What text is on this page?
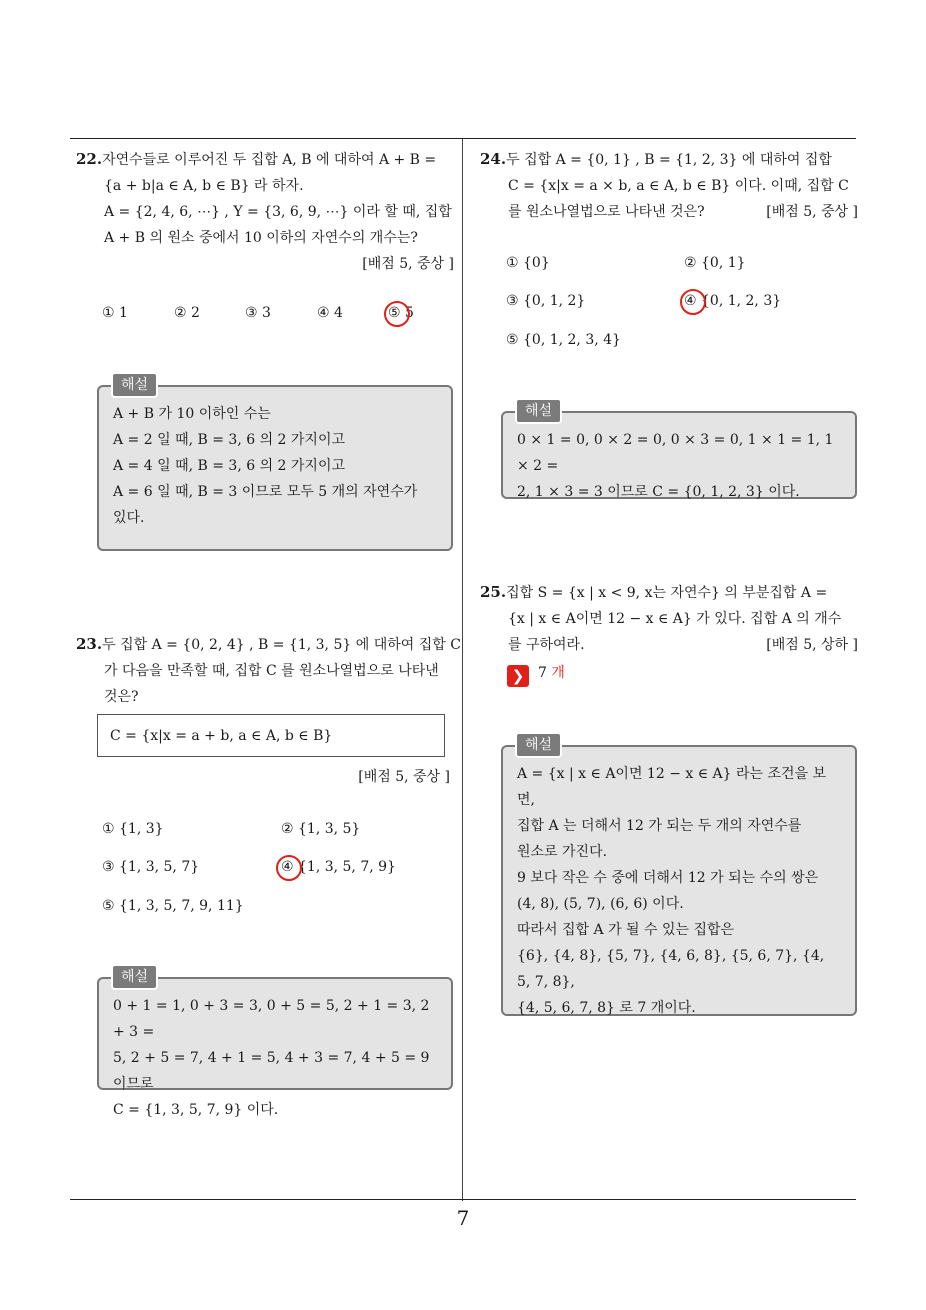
22.자연수들로 이루어진 두 집합 A, B 에 대하여 A + B =
{a + b|a ∈ A, b ∈ B} 라 하자.
A = {2, 4, 6, ⋯} , Y = {3, 6, 9, ⋯} 이라 할 때, 집합
A + B 의 원소 중에서 10 이하의 자연수의 개수는?
[배점 5, 중상 ]
① 1	② 2	③ 3	④ 4	⑤ 5
해설
A + B 가 10 이하인 수는
A = 2 일 때, B = 3, 6 의 2 가지이고
A = 4 일 때, B = 3, 6 의 2 가지이고
A = 6 일 때, B = 3 이므로 모두 5 개의 자연수가
있다.
23.두 집합 A = {0, 2, 4} , B = {1, 3, 5} 에 대하여 집합 C
가 다음을 만족할 때, 집합 C 를 원소나열법으로 나타낸
것은?
C = {x|x = a + b, a ∈ A, b ∈ B}
[배점 5, 중상 ]
① {1, 3}	② {1, 3, 5}
③ {1, 3, 5, 7}	④ {1, 3, 5, 7, 9}
⑤ {1, 3, 5, 7, 9, 11}
해설
0 + 1 = 1, 0 + 3 = 3, 0 + 5 = 5, 2 + 1 = 3, 2 + 3 =
5, 2 + 5 = 7, 4 + 1 = 5, 4 + 3 = 7, 4 + 5 = 9 이므로
C = {1, 3, 5, 7, 9} 이다.
24.두 집합 A = {0, 1} , B = {1, 2, 3} 에 대하여 집합
C = {x|x = a × b, a ∈ A, b ∈ B} 이다. 이때, 집합 C
를 원소나열법으로 나타낸 것은?	[배점 5, 중상 ]
① {0}	② {0, 1}
③ {0, 1, 2}	④ {0, 1, 2, 3}
⑤ {0, 1, 2, 3, 4}
해설
0 × 1 = 0, 0 × 2 = 0, 0 × 3 = 0, 1 × 1 = 1, 1 × 2 =
2, 1 × 3 = 3 이므로 C = {0, 1, 2, 3} 이다.
25.집합 S = {x | x < 9, x는 자연수} 의 부분집합 A =
{x | x ∈ A이면 12 − x ∈ A} 가 있다. 집합 A 의 개수
를 구하여라.	[배점 5, 상하 ]
❯ 7 개
해설
A = {x | x ∈ A이면 12 − x ∈ A} 라는 조건을 보
면,
집합 A 는 더해서 12 가 되는 두 개의 자연수를
원소로 가진다.
9 보다 작은 수 중에 더해서 12 가 되는 수의 쌍은
(4, 8), (5, 7), (6, 6) 이다.
따라서 집합 A 가 될 수 있는 집합은
{6}, {4, 8}, {5, 7}, {4, 6, 8}, {5, 6, 7}, {4, 5, 7, 8},
{4, 5, 6, 7, 8} 로 7 개이다.
7
